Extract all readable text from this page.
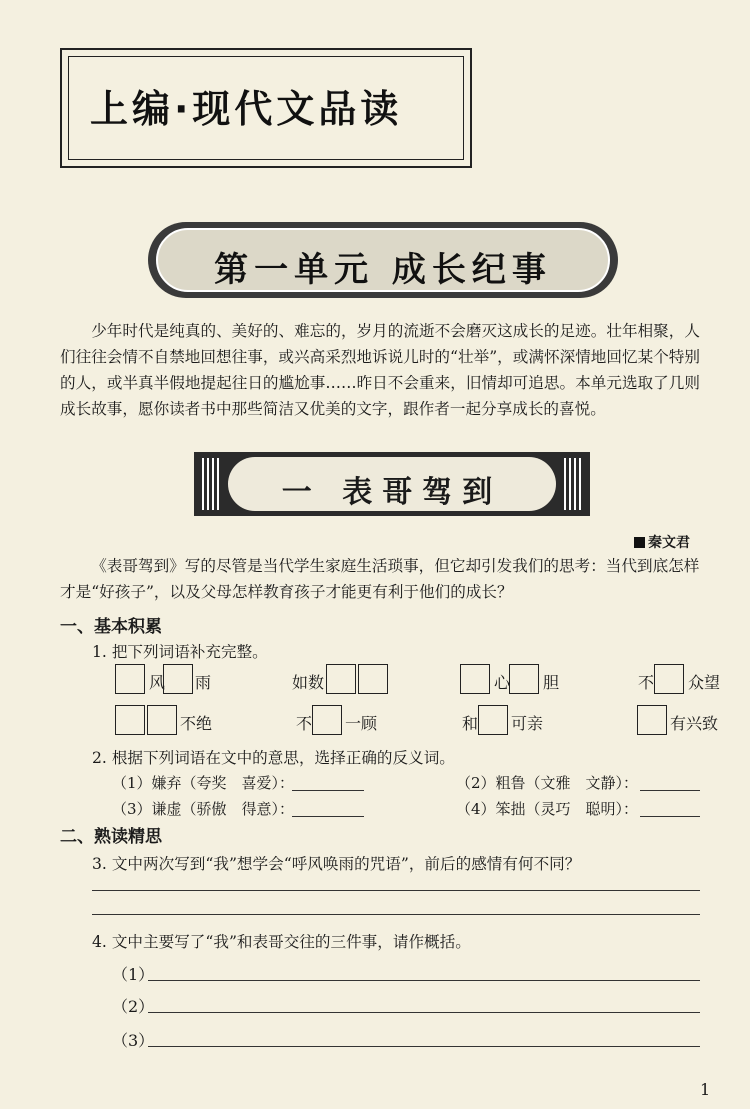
上编·现代文品读
第一单元 成长纪事
少年时代是纯真的、美好的、难忘的，岁月的流逝不会磨灭这成长的足迹。壮年相聚，人们往往会情不自禁地回想往事，或兴高采烈地诉说儿时的“壮举”，或满怀深情地回忆某个特别的人，或半真半假地提起往日的尴尬事……昨日不会重来，旧情却可追思。本单元选取了几则成长故事，愿你读者书中那些简洁又优美的文字，跟作者一起分享成长的喜悦。
一 表哥驾到
秦文君
《表哥驾到》写的尽管是当代学生家庭生活琐事，但它却引发我们的思考：当代到底怎样才是“好孩子”，以及父母怎样教育孩子才能更有利于他们的成长？
一、基本积累
1. 把下列词语补充完整。
风 雨	如数	心 胆	不 众望
不绝	不 一顾	和 可亲	有兴致
2. 根据下列词语在文中的意思，选择正确的反义词。
（1）嫌弃（夸奖　喜爱）：	（2）粗鲁（文雅　文静）：
（3）谦虚（骄傲　得意）：	（4）笨拙（灵巧　聪明）：
二、熟读精思
3. 文中两次写到“我”想学会“呼风唤雨的咒语”，前后的感情有何不同？
4. 文中主要写了“我”和表哥交往的三件事，请作概括。
（1）
（2）
（3）
1
